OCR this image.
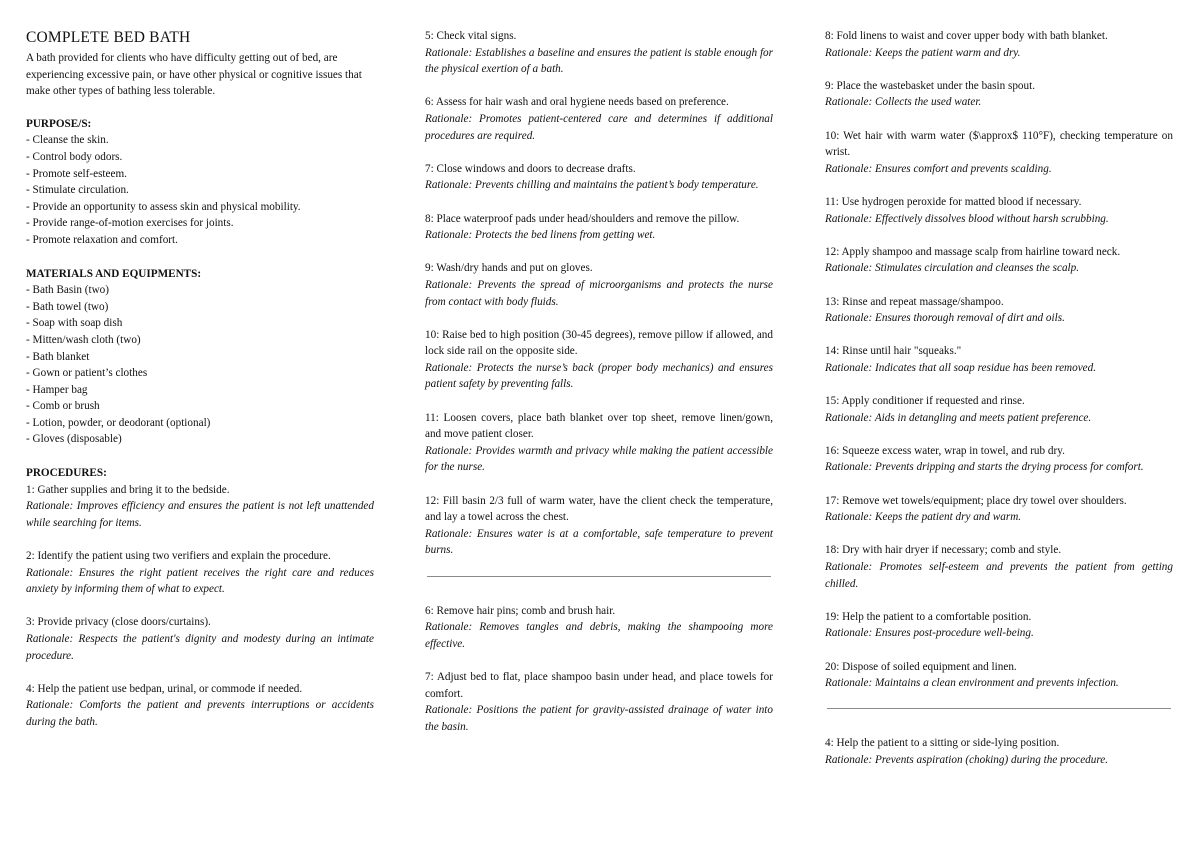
COMPLETE BED BATH

A bath provided for clients who have difficulty getting out of bed, are experiencing excessive pain, or have other physical or cognitive issues that make other types of bathing less tolerable.

PURPOSE/S:

- Cleanse the skin.
- Control body odors.
- Promote self-esteem.
- Stimulate circulation.
- Provide an opportunity to assess skin and physical mobility.
- Provide range-of-motion exercises for joints.
- Promote relaxation and comfort.

MATERIALS AND EQUIPMENTS:

- Bath Basin (two)
- Bath towel (two)
- Soap with soap dish
- Mitten/wash cloth (two)
- Bath blanket
- Gown or patient’s clothes
- Hamper bag
- Comb or brush
- Lotion, powder, or deodorant (optional)
- Gloves (disposable)

PROCEDURES:

1: Gather supplies and bring it to the bedside.
Rationale: Improves efficiency and ensures the patient is not left unattended while searching for items.
2: Identify the patient using two verifiers and explain the procedure.
Rationale: Ensures the right patient receives the right care and reduces anxiety by informing them of what to expect.
3: Provide privacy (close doors/curtains).
Rationale: Respects the patient's dignity and modesty during an intimate procedure.
4: Help the patient use bedpan, urinal, or commode if needed.
Rationale: Comforts the patient and prevents interruptions or accidents during the bath.
5: Check vital signs.
Rationale: Establishes a baseline and ensures the patient is stable enough for the physical exertion of a bath.
6: Assess for hair wash and oral hygiene needs based on preference.
Rationale: Promotes patient-centered care and determines if additional procedures are required.
7: Close windows and doors to decrease drafts.
Rationale: Prevents chilling and maintains the patient’s body temperature.
8: Place waterproof pads under head/shoulders and remove the pillow.
Rationale: Protects the bed linens from getting wet.
9: Wash/dry hands and put on gloves.
Rationale: Prevents the spread of microorganisms and protects the nurse from contact with body fluids.
10: Raise bed to high position (30-45 degrees), remove pillow if allowed, and lock side rail on the opposite side.
Rationale: Protects the nurse’s back (proper body mechanics) and ensures patient safety by preventing falls.
11: Loosen covers, place bath blanket over top sheet, remove linen/gown, and move patient closer.
Rationale: Provides warmth and privacy while making the patient accessible for the nurse.
12: Fill basin 2/3 full of warm water, have the client check the temperature, and lay a towel across the chest.
Rationale: Ensures water is at a comfortable, safe temperature to prevent burns.
6: Remove hair pins; comb and brush hair.
Rationale: Removes tangles and debris, making the shampooing more effective.
7: Adjust bed to flat, place shampoo basin under head, and place towels for comfort.
Rationale: Positions the patient for gravity-assisted drainage of water into the basin.
8: Fold linens to waist and cover upper body with bath blanket.
Rationale: Keeps the patient warm and dry.
9: Place the wastebasket under the basin spout.
Rationale: Collects the used water.
10: Wet hair with warm water ($\approx$ 110°F), checking temperature on wrist.
Rationale: Ensures comfort and prevents scalding.
11: Use hydrogen peroxide for matted blood if necessary.
Rationale: Effectively dissolves blood without harsh scrubbing.
12: Apply shampoo and massage scalp from hairline toward neck.
Rationale: Stimulates circulation and cleanses the scalp.
13: Rinse and repeat massage/shampoo.
Rationale: Ensures thorough removal of dirt and oils.
14: Rinse until hair "squeaks."
Rationale: Indicates that all soap residue has been removed.
15: Apply conditioner if requested and rinse.
Rationale: Aids in detangling and meets patient preference.
16: Squeeze excess water, wrap in towel, and rub dry.
Rationale: Prevents dripping and starts the drying process for comfort.
17: Remove wet towels/equipment; place dry towel over shoulders.
Rationale: Keeps the patient dry and warm.
18: Dry with hair dryer if necessary; comb and style.
Rationale: Promotes self-esteem and prevents the patient from getting chilled.
19: Help the patient to a comfortable position.
Rationale: Ensures post-procedure well-being.
20: Dispose of soiled equipment and linen.
Rationale: Maintains a clean environment and prevents infection.
4: Help the patient to a sitting or side-lying position.
Rationale: Prevents aspiration (choking) during the procedure.
